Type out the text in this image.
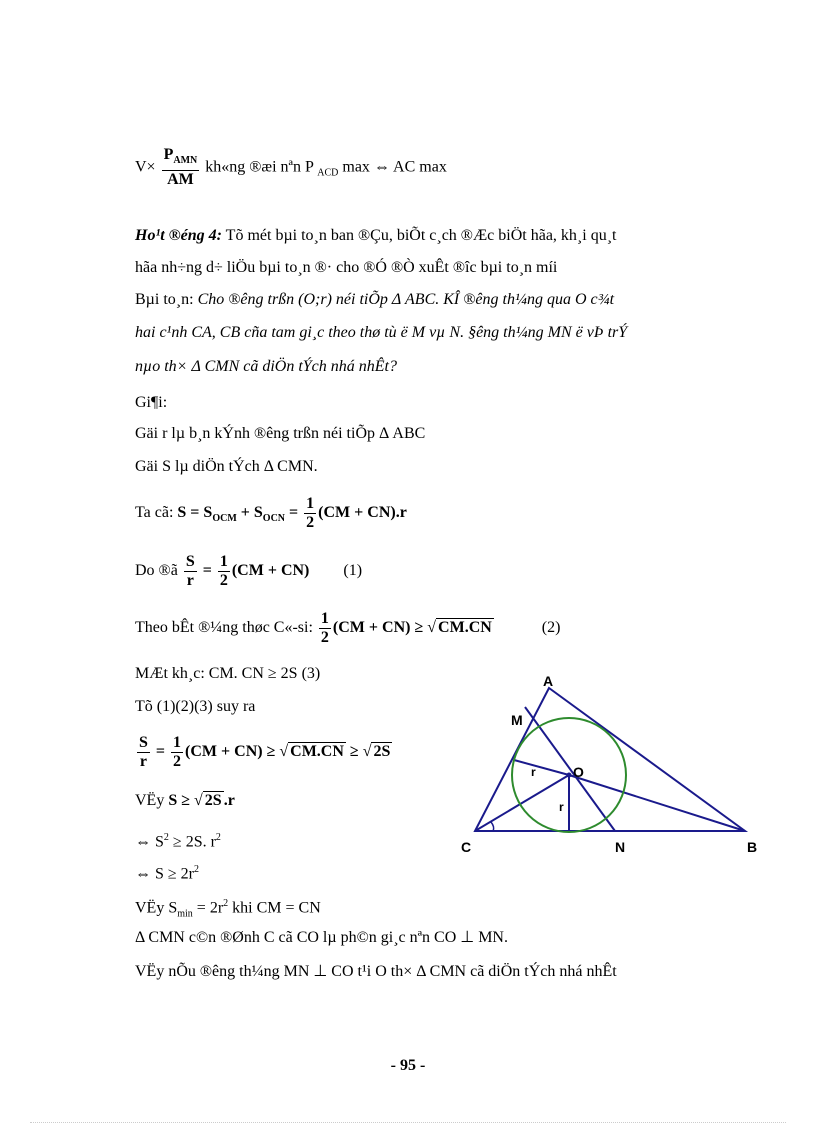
$V\times \frac{P_{AMN}}{AM}$ kh«ng ®æi nªn P $_{ACD}$ max ⇔ AC max
Ho¹t ®éng 4: Tõ mét bµi to¸n ban ®Çu, biÕt c¸ch ®Æc biÖt hãa, kh¸i qu¸t
hãa nh÷ng d÷ liÖu bµi to¸n ®· cho ®Ó ®Ò xuÊt ®îc bµi to¸n míi
Bµi to¸n: Cho ®êng trßn (O;r) néi tiÕp Δ ABC. KÎ ®êng th¼ng qua O c¾t
hai c¹nh CA, CB cña tam gi¸c theo thø tù ë M vµ N. §êng th¼ng MN ë vÞ trÝ
nµo th× Δ CMN cã diÖn tÝch nhá nhÊt?
Gi¶i:
Gäi r lµ b¸n kÝnh ®êng trßn néi tiÕp Δ ABC
Gäi S lµ diÖn tÝch Δ CMN.
Ta cã: $S = S_{OCM} + S_{OCN} = \frac{1}{2} (CM + CN).r$
Do ®ã $\frac{S}{r} = \frac{1}{2} (CM + CN)$ (1)
Theo bÊt ®¼ng thøc C«-si: $\frac{1}{2} (CM + CN)$ ≥ √ CM.CN	(2)
MÆt kh¸c: CM. CN ≥ 2S (3)
Tõ (1)(2)(3) suy ra
$\frac{S}{r} = \frac{1}{2} (CM + CN)$ ≥ √ CM.CN ≥ √ 2S
VËy S ≥ √ 2S .r
⇔ $S^2 \ge 2S$. $r^2$
⇔ $S \ge 2r^2$
VËy $S_{min} = 2r^2$ khi CM = CN
Δ CMN c©n ®Ønh C cã CO lµ ph©n gi¸c nªn CO ⊥ MN.
VËy nÕu ®êng th¼ng MN ⊥ CO t¹i O th× Δ CMN cã diÖn tÝch nhá nhÊt
A
B
C
M
N
O
r
r
- 95 -
